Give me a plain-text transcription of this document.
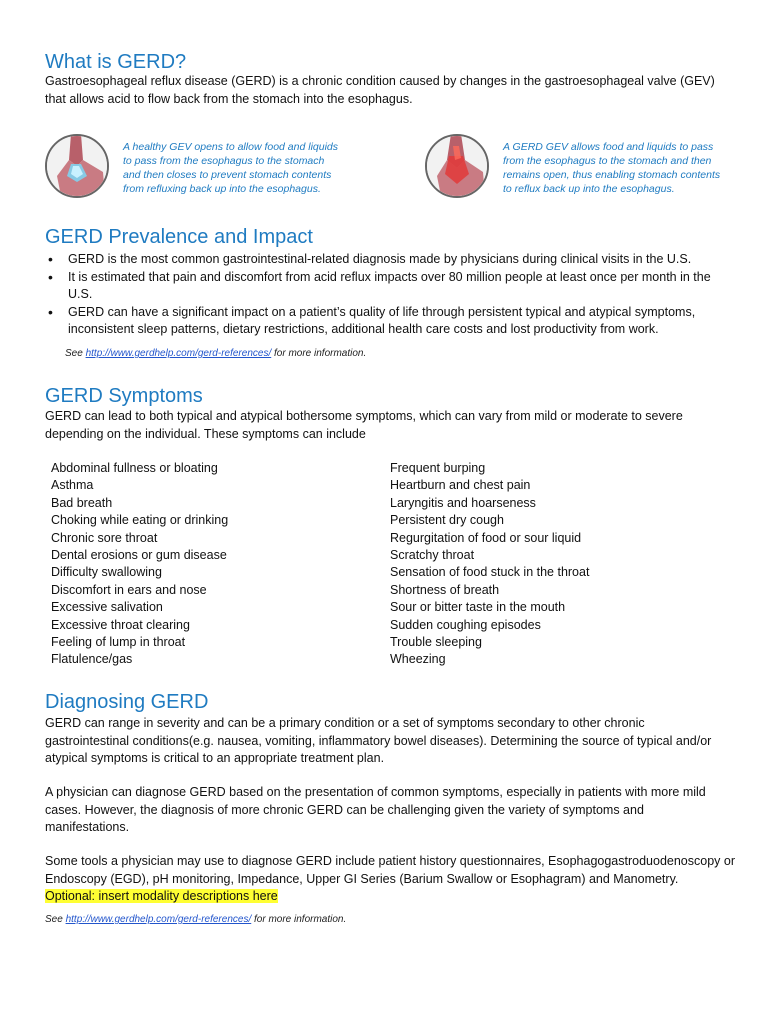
What is GERD?

Gastroesophageal reflux disease (GERD) is a chronic condition caused by changes in the gastroesophageal valve (GEV) that allows acid to flow back from the stomach into the esophagus.

A healthy GEV opens to allow food and liquids to pass from the esophagus to the stomach and then closes to prevent stomach contents from refluxing back up into the esophagus.
A GERD GEV allows food and liquids to pass from the esophagus to the stomach and then remains open, thus enabling stomach contents to reflux back up into the esophagus.
GERD Prevalence and Impact
• GERD is the most common gastrointestinal-related diagnosis made by physicians during clinical visits in the U.S.
• It is estimated that pain and discomfort from acid reflux impacts over 80 million people at least once per month in the U.S.
• GERD can have a significant impact on a patient’s quality of life through persistent typical and atypical symptoms, inconsistent sleep patterns, dietary restrictions, additional health care costs and lost productivity from work.
See http://www.gerdhelp.com/gerd-references/ for more information.
GERD Symptoms

GERD can lead to both typical and atypical bothersome symptoms, which can vary from mild or moderate to severe depending on the individual. These symptoms can include

Abdominal fullness or bloating
Asthma
Bad breath
Choking while eating or drinking
Chronic sore throat
Dental erosions or gum disease
Difficulty swallowing
Discomfort in ears and nose
Excessive salivation
Excessive throat clearing
Feeling of lump in throat
Flatulence/gas
Frequent burping
Heartburn and chest pain
Laryngitis and hoarseness
Persistent dry cough
Regurgitation of food or sour liquid
Scratchy throat
Sensation of food stuck in the throat
Shortness of breath
Sour or bitter taste in the mouth
Sudden coughing episodes
Trouble sleeping
Wheezing
Diagnosing GERD

GERD can range in severity and can be a primary condition or a set of symptoms secondary to other chronic gastrointestinal conditions(e.g. nausea, vomiting, inflammatory bowel diseases). Determining the source of typical and/or atypical symptoms is critical to an appropriate treatment plan.

A physician can diagnose GERD based on the presentation of common symptoms, especially in patients with more mild cases. However, the diagnosis of more chronic GERD can be challenging given the variety of symptoms and manifestations.

Some tools a physician may use to diagnose GERD include patient history questionnaires, Esophagogastroduodenoscopy or Endoscopy (EGD), pH monitoring, Impedance, Upper GI Series (Barium Swallow or Esophagram) and Manometry.

Optional: insert modality descriptions here

See http://www.gerdhelp.com/gerd-references/ for more information.
